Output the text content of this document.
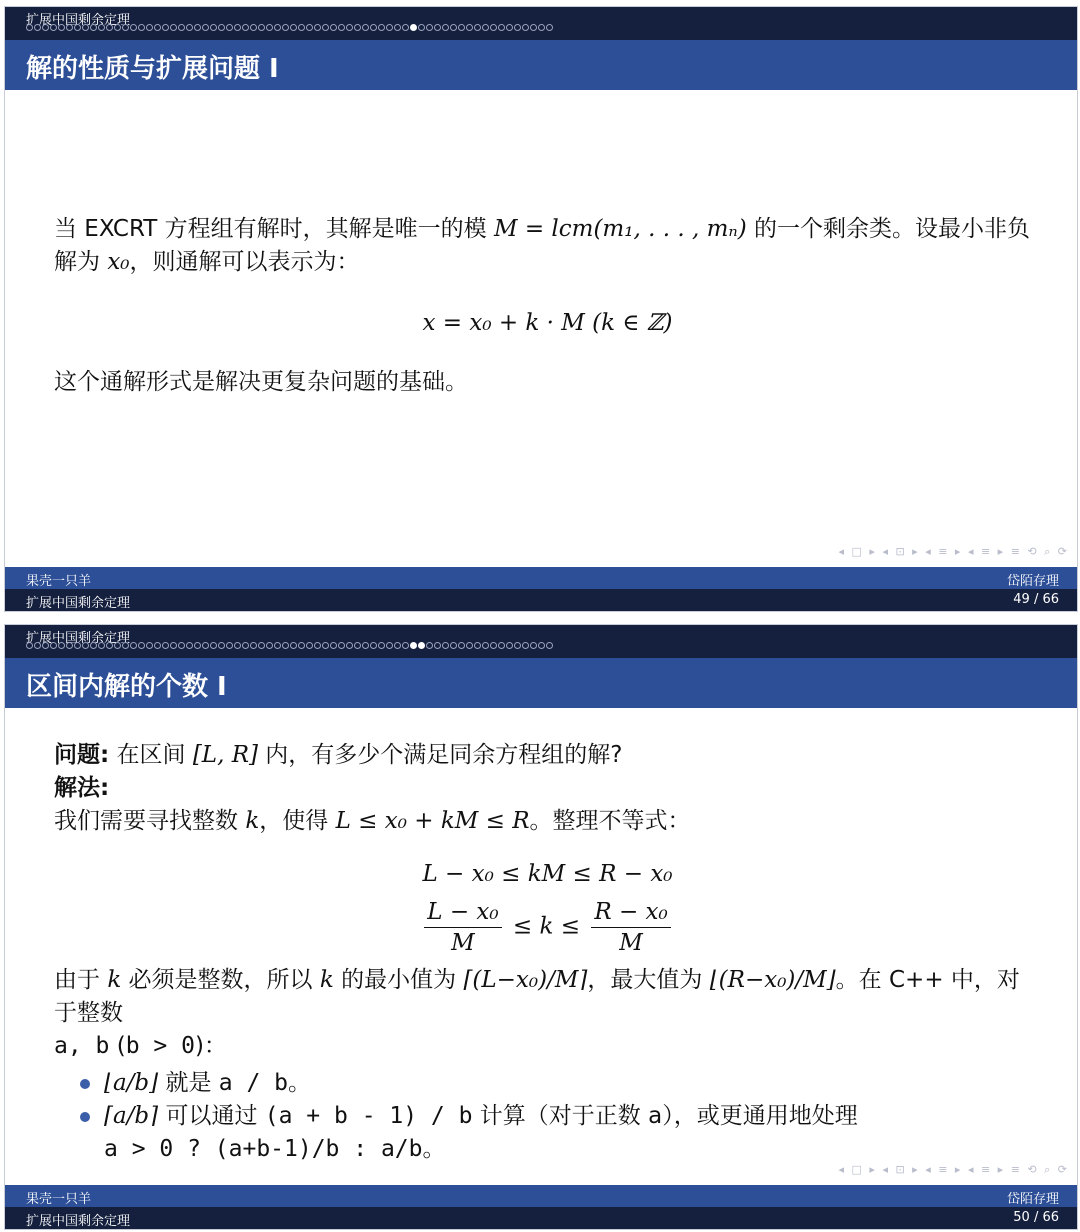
扩展中国剩余定理
解的性质与扩展问题 I
当 EXCRT 方程组有解时，其解是唯一的模 M = lcm(m₁, . . . , mₙ) 的一个剩余类。设最小非负解为 x₀，则通解可以表示为：
x = x₀ + k · M (k ∈ ℤ)
这个通解形式是解决更复杂问题的基础。
◂ □ ▸ ◂ ⊡ ▸ ◂ ≡ ▸ ◂ ≡ ▸ ≡ ⟲ ⌕ ⟳
果壳一只羊	岱陌存理
扩展中国剩余定理	49 / 66
扩展中国剩余定理
区间内解的个数 I
问题: 在区间 [L, R] 内，有多少个满足同余方程组的解?
解法:
我们需要寻找整数 k，使得 L ≤ x₀ + kM ≤ R。整理不等式：
L − x₀ ≤ kM ≤ R − x₀
$\frac{\text{L − x₀}}{M} \le k \le \frac{\text{R − x₀}}{M}$
由于 k 必须是整数，所以 k 的最小值为 ⌈(L−x₀)/M⌉，最大值为 ⌊(R−x₀)/M⌋。在 C++ 中，对于整数
a, b (b > 0)：
⌊a/b⌋ 就是 a / b。
⌈a/b⌉ 可以通过 (a + b - 1) / b 计算（对于正数 a），或更通用地处理
a > 0 ? (a+b-1)/b : a/b。
◂ □ ▸ ◂ ⊡ ▸ ◂ ≡ ▸ ◂ ≡ ▸ ≡ ⟲ ⌕ ⟳
果壳一只羊	岱陌存理
扩展中国剩余定理	50 / 66
